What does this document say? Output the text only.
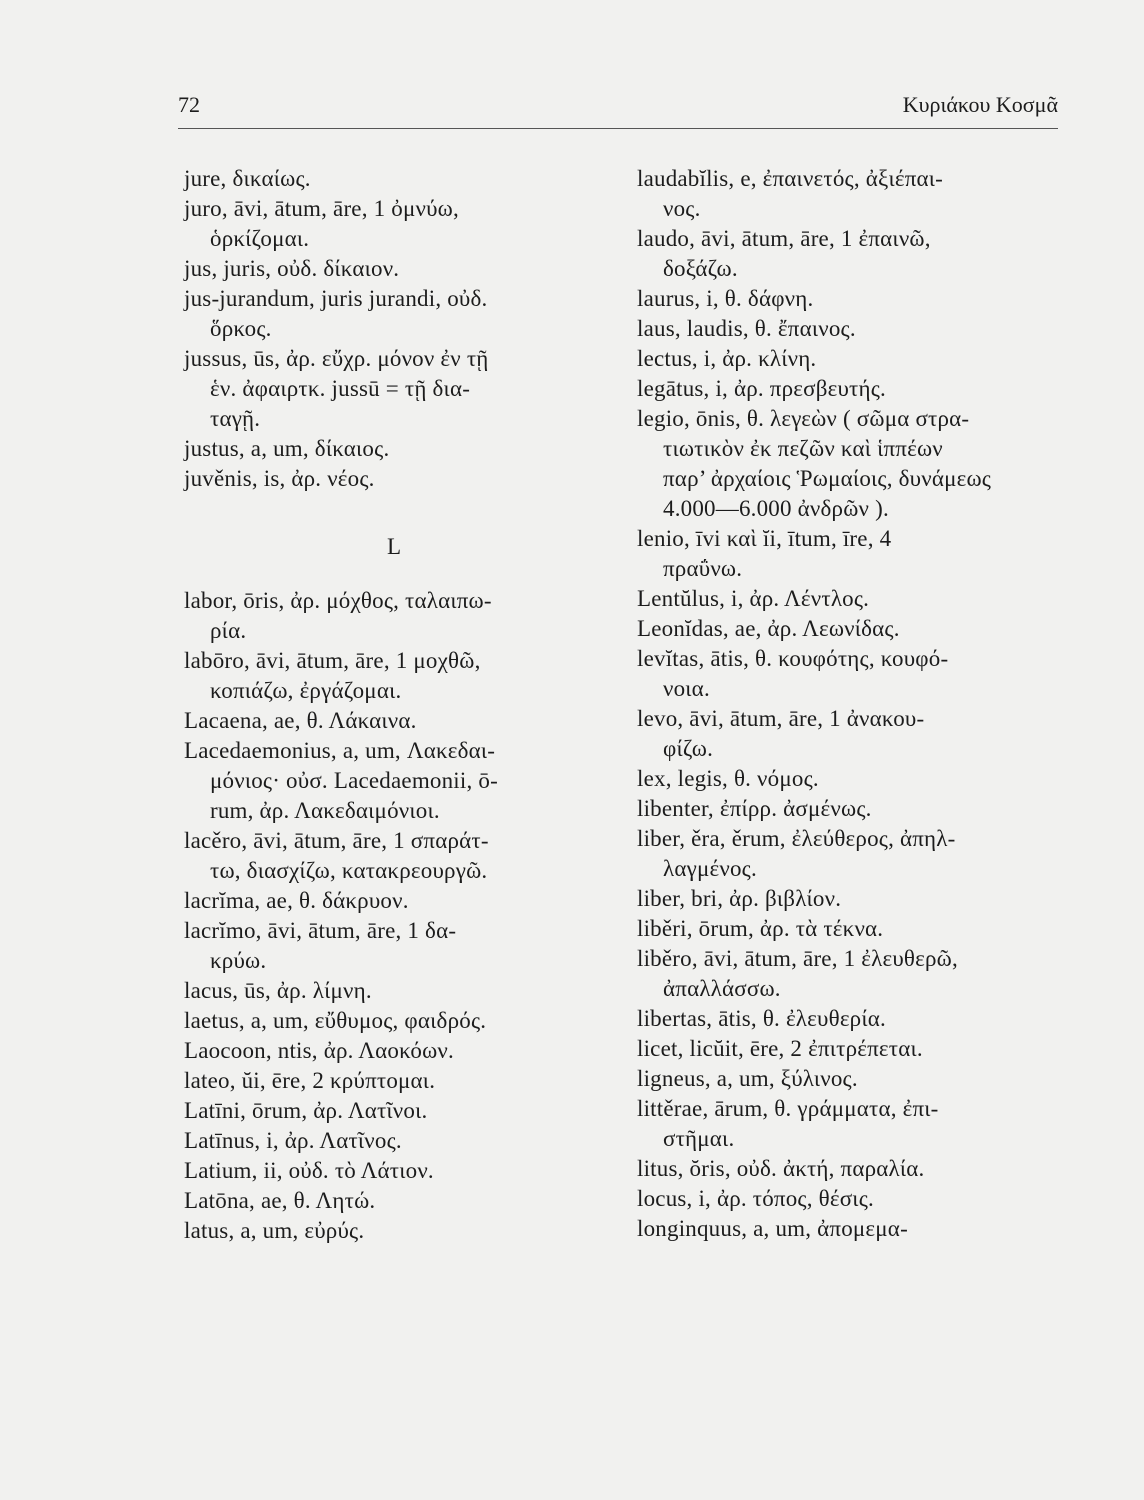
72	Κυριάκου Κοσμᾶ

jure, δικαίως.

juro, āvi, ātum, āre, 1 ὀμνύω,
ὁρκίζομαι.

jus, juris, οὐδ. δίκαιον.

jus-jurandum, juris jurandi, οὐδ.
ὅρκος.

jussus, ūs, ἀρ. εὔχρ. μόνον ἐν τῇ
ἑν. ἀφαιρτκ. jussū = τῇ δια-
ταγῇ.

justus, a, um, δίκαιος.

juvěnis, is, ἀρ. νέος.

L

labor, ōris, ἀρ. μόχθος, ταλαιπω-
ρία.

labōro, āvi, ātum, āre, 1 μοχθῶ,
κοπιάζω, ἐργάζομαι.

Lacaena, ae, θ. Λάκαινα.

Lacedaemonius, a, um, Λακεδαι-
μόνιος· οὐσ. Lacedaemonii, ō-
rum, ἀρ. Λακεδαιμόνιοι.

lacěro, āvi, ātum, āre, 1 σπαράτ-
τω, διασχίζω, κατακρεουργῶ.

lacrĭma, ae, θ. δάκρυον.

lacrĭmo, āvi, ātum, āre, 1 δα-
κρύω.

lacus, ūs, ἀρ. λίμνη.

laetus, a, um, εὔθυμος, φαιδρός.

Laocoon, ntis, ἀρ. Λαοκόων.

lateo, ŭi, ēre, 2 κρύπτομαι.

Latīni, ōrum, ἀρ. Λατῖνοι.

Latīnus, i, ἀρ. Λατῖνος.

Latium, ii, οὐδ. τὸ Λάτιον.

Latōna, ae, θ. Λητώ.

latus, a, um, εὐρύς.

laudabĭlis, e, ἐπαινετός, ἀξιέπαι-
νος.

laudo, āvi, ātum, āre, 1 ἐπαινῶ,
δοξάζω.

laurus, i, θ. δάφνη.

laus, laudis, θ. ἔπαινος.

lectus, i, ἀρ. κλίνη.

legātus, i, ἀρ. πρεσβευτής.

legio, ōnis, θ. λεγεὼν ( σῶμα στρα-
τιωτικὸν ἐκ πεζῶν καὶ ἱππέων
παρ’ ἀρχαίοις Ῥωμαίοις, δυνάμεως
4.000—6.000 ἀνδρῶν ).

lenio, īvi καὶ ĭi, ītum, īre, 4
πραΰνω.

Lentŭlus, i, ἀρ. Λέντλος.

Leonĭdas, ae, ἀρ. Λεωνίδας.

levĭtas, ātis, θ. κουφότης, κουφό-
νοια.

levo, āvi, ātum, āre, 1 ἀνακου-
φίζω.

lex, legis, θ. νόμος.

libenter, ἐπίρρ. ἀσμένως.

liber, ěra, ěrum, ἐλεύθερος, ἀπηλ-
λαγμένος.

liber, bri, ἀρ. βιβλίον.

liběri, ōrum, ἀρ. τὰ τέκνα.

liběro, āvi, ātum, āre, 1 ἐλευθερῶ,
ἀπαλλάσσω.

libertas, ātis, θ. ἐλευθερία.

licet, licŭit, ēre, 2 ἐπιτρέπεται.

ligneus, a, um, ξύλινος.

littěrae, ārum, θ. γράμματα, ἐπι-
στῆμαι.

litus, ŏris, οὐδ. ἀκτή, παραλία.

locus, i, ἀρ. τόπος, θέσις.

longinquus, a, um, ἀπομεμα-
